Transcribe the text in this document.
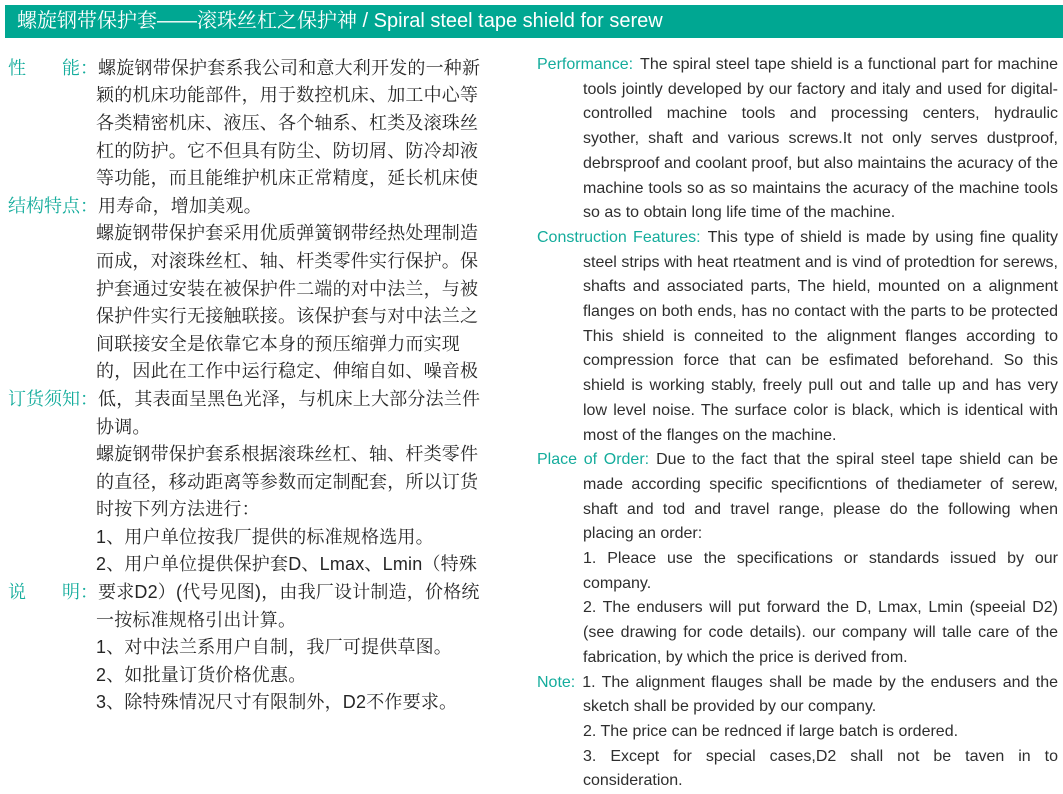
螺旋钢带保护套——滚珠丝杠之保护神 / Spiral steel tape shield for serew
性　　能： 螺旋钢带保护套系我公司和意大利开发的一种新
颖的机床功能部件，用于数控机床、加工中心等
各类精密机床、液压、各个轴系、杠类及滚珠丝
杠的防护。它不但具有防尘、防切屑、防冷却液
等功能，而且能维护机床正常精度，延长机床使
结构特点： 用寿命，增加美观。
螺旋钢带保护套采用优质弹簧钢带经热处理制造
而成，对滚珠丝杠、轴、杆类零件实行保护。保
护套通过安装在被保护件二端的对中法兰，与被
保护件实行无接触联接。该保护套与对中法兰之
间联接安全是依靠它本身的预压缩弹力而实现
的，因此在工作中运行稳定、伸缩自如、噪音极
订货须知： 低，其表面呈黑色光泽，与机床上大部分法兰件
协调。
螺旋钢带保护套系根据滚珠丝杠、轴、杆类零件
的直径，移动距离等参数而定制配套，所以订货
时按下列方法进行：
1、用户单位按我厂提供的标准规格选用。
2、用户单位提供保护套D、Lmax、Lmin（特殊
说　　明： 要求D2）(代号见图)，由我厂设计制造，价格统
一按标准规格引出计算。
1、对中法兰系用户自制，我厂可提供草图。
2、如批量订货价格优惠。
3、除特殊情况尺寸有限制外，D2不作要求。
Performance: The spiral steel tape shield is a functional part for machine tools jointly developed by our factory and italy and used for digital-controlled machine tools and processing centers, hydraulic syother, shaft and various screws.It not only serves dustproof, debrsproof and coolant proof, but also maintains the acuracy of the machine tools so as so maintains the acuracy of the machine tools so as to obtain long life time of the machine.
Construction Features: This type of shield is made by using fine quality steel strips with heat rteatment and is vind of protedtion for serews, shafts and associated parts, The hield, mounted on a alignment flanges on both ends, has no contact with the parts to be protected This shield is conneited to the alignment flanges according to compression force that can be esfimated beforehand. So this shield is working stably, freely pull out and talle up and has very low level noise. The surface color is black, which is identical with most of the flanges on the machine.
Place of Order: Due to the fact that the spiral steel tape shield can be made according specific specificntions of thediameter of serew, shaft and tod and travel range, please do the following when placing an order:
1. Pleace use the specifications or standards issued by our company.
2. The endusers will put forward the D, Lmax, Lmin (speeial D2) (see drawing for code details). our company will talle care of the fabrication, by which the price is derived from.
Note: 1. The alignment flauges shall be made by the endusers and the sketch shall be provided by our company.
2. The price can be rednced if large batch is ordered.
3. Except for special cases,D2 shall not be taven in to consideration.
